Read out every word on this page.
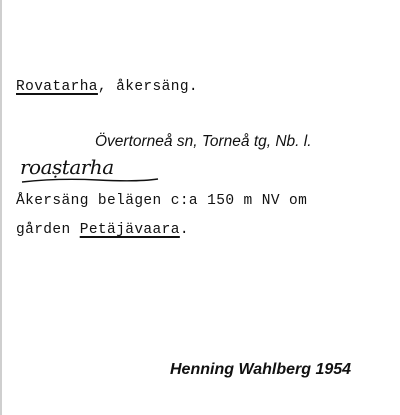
Rovatarha, åkersäng.
Övertorneå sn, Torneå tg, Nb. l.
roaṣtarha
Åkersäng belägen c:a 150 m NV om
gården Petäjävaara.
Henning Wahlberg 1954
